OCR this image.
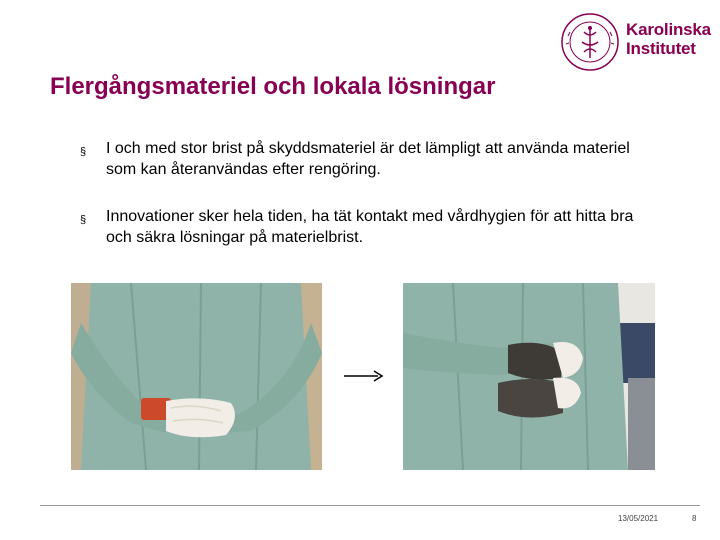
Karolinska
Institutet
Flergångsmateriel och lokala lösningar
§ I och med stor brist på skyddsmateriel är det lämpligt att använda materiel som kan återanvändas efter rengöring.
§ Innovationer sker hela tiden, ha tät kontakt med vårdhygien för att hitta bra och säkra lösningar på materielbrist.
13/05/2021	8
